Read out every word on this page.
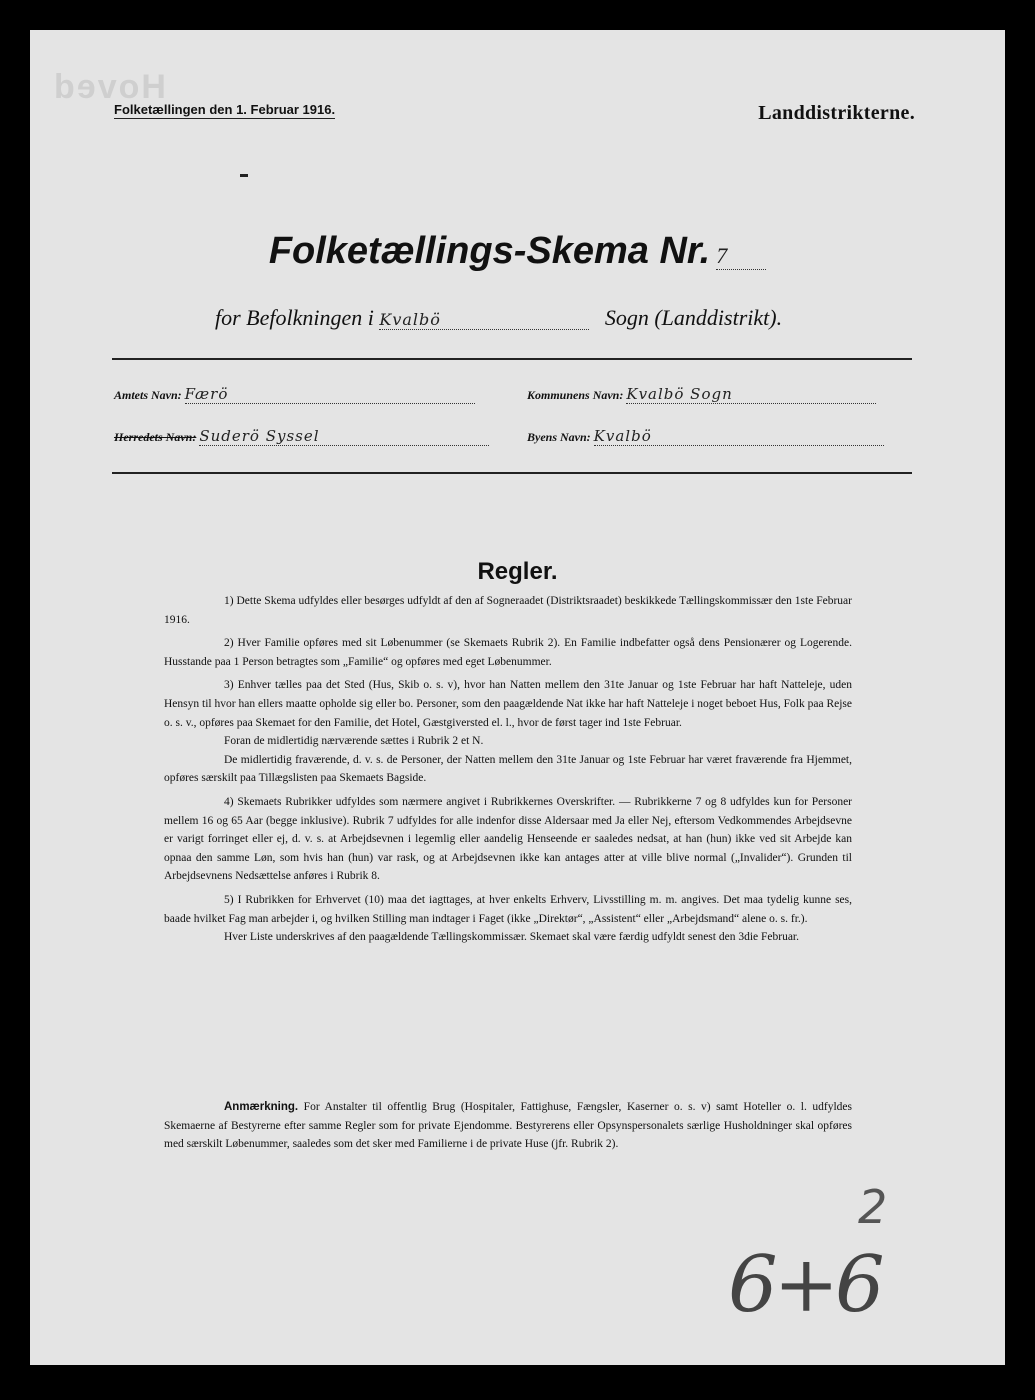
Hoved
Folketællingen den 1. Februar 1916.	Landdistrikterne.
Folketællings-Skema Nr. 7
for Befolkningen i Kvalbö	Sogn (Landdistrikt).
Amtets Navn: Færö	Kommunens Navn: Kvalbö Sogn
Herredets Navn: Suderö Syssel	Byens Navn: Kvalbö
Regler.

1) Dette Skema udfyldes eller besørges udfyldt af den af Sogneraadet (Distriktsraadet) beskikkede Tællingskommissær den 1ste Februar 1916.

2) Hver Familie opføres med sit Løbenummer (se Skemaets Rubrik 2). En Familie indbefatter også dens Pensionærer og Logerende. Husstande paa 1 Person betragtes som „Familie“ og opføres med eget Løbenummer.

3) Enhver tælles paa det Sted (Hus, Skib o. s. v), hvor han Natten mellem den 31te Januar og 1ste Februar har haft Natteleje, uden Hensyn til hvor han ellers maatte opholde sig eller bo. Personer, som den paagældende Nat ikke har haft Natteleje i noget beboet Hus, Folk paa Rejse o. s. v., opføres paa Skemaet for den Familie, det Hotel, Gæstgiversted el. l., hvor de først tager ind 1ste Februar.

Foran de midlertidig nærværende sættes i Rubrik 2 et N.

De midlertidig fraværende, d. v. s. de Personer, der Natten mellem den 31te Januar og 1ste Februar har været fraværende fra Hjemmet, opføres særskilt paa Tillægslisten paa Skemaets Bagside.

4) Skemaets Rubrikker udfyldes som nærmere angivet i Rubrikkernes Overskrifter. — Rubrikkerne 7 og 8 udfyldes kun for Personer mellem 16 og 65 Aar (begge inklusive). Rubrik 7 udfyldes for alle indenfor disse Aldersaar med Ja eller Nej, eftersom Vedkommendes Arbejdsevne er varigt forringet eller ej, d. v. s. at Arbejdsevnen i legemlig eller aandelig Henseende er saaledes nedsat, at han (hun) ikke ved sit Arbejde kan opnaa den samme Løn, som hvis han (hun) var rask, og at Arbejdsevnen ikke kan antages atter at ville blive normal („Invalider“). Grunden til Arbejdsevnens Nedsættelse anføres i Rubrik 8.

5) I Rubrikken for Erhvervet (10) maa det iagttages, at hver enkelts Erhverv, Livsstilling m. m. angives. Det maa tydelig kunne ses, baade hvilket Fag man arbejder i, og hvilken Stilling man indtager i Faget (ikke „Direktør“, „Assistent“ eller „Arbejdsmand“ alene o. s. fr.).

Hver Liste underskrives af den paagældende Tællingskommissær. Skemaet skal være færdig udfyldt senest den 3die Februar.

Anmærkning. For Anstalter til offentlig Brug (Hospitaler, Fattighuse, Fængsler, Kaserner o. s. v) samt Hoteller o. l. udfyldes Skemaerne af Bestyrerne efter samme Regler som for private Ejendomme. Bestyrerens eller Opsynspersonalets særlige Husholdninger skal opføres med særskilt Løbenummer, saaledes som det sker med Familierne i de private Huse (jfr. Rubrik 2).

2
6+6
